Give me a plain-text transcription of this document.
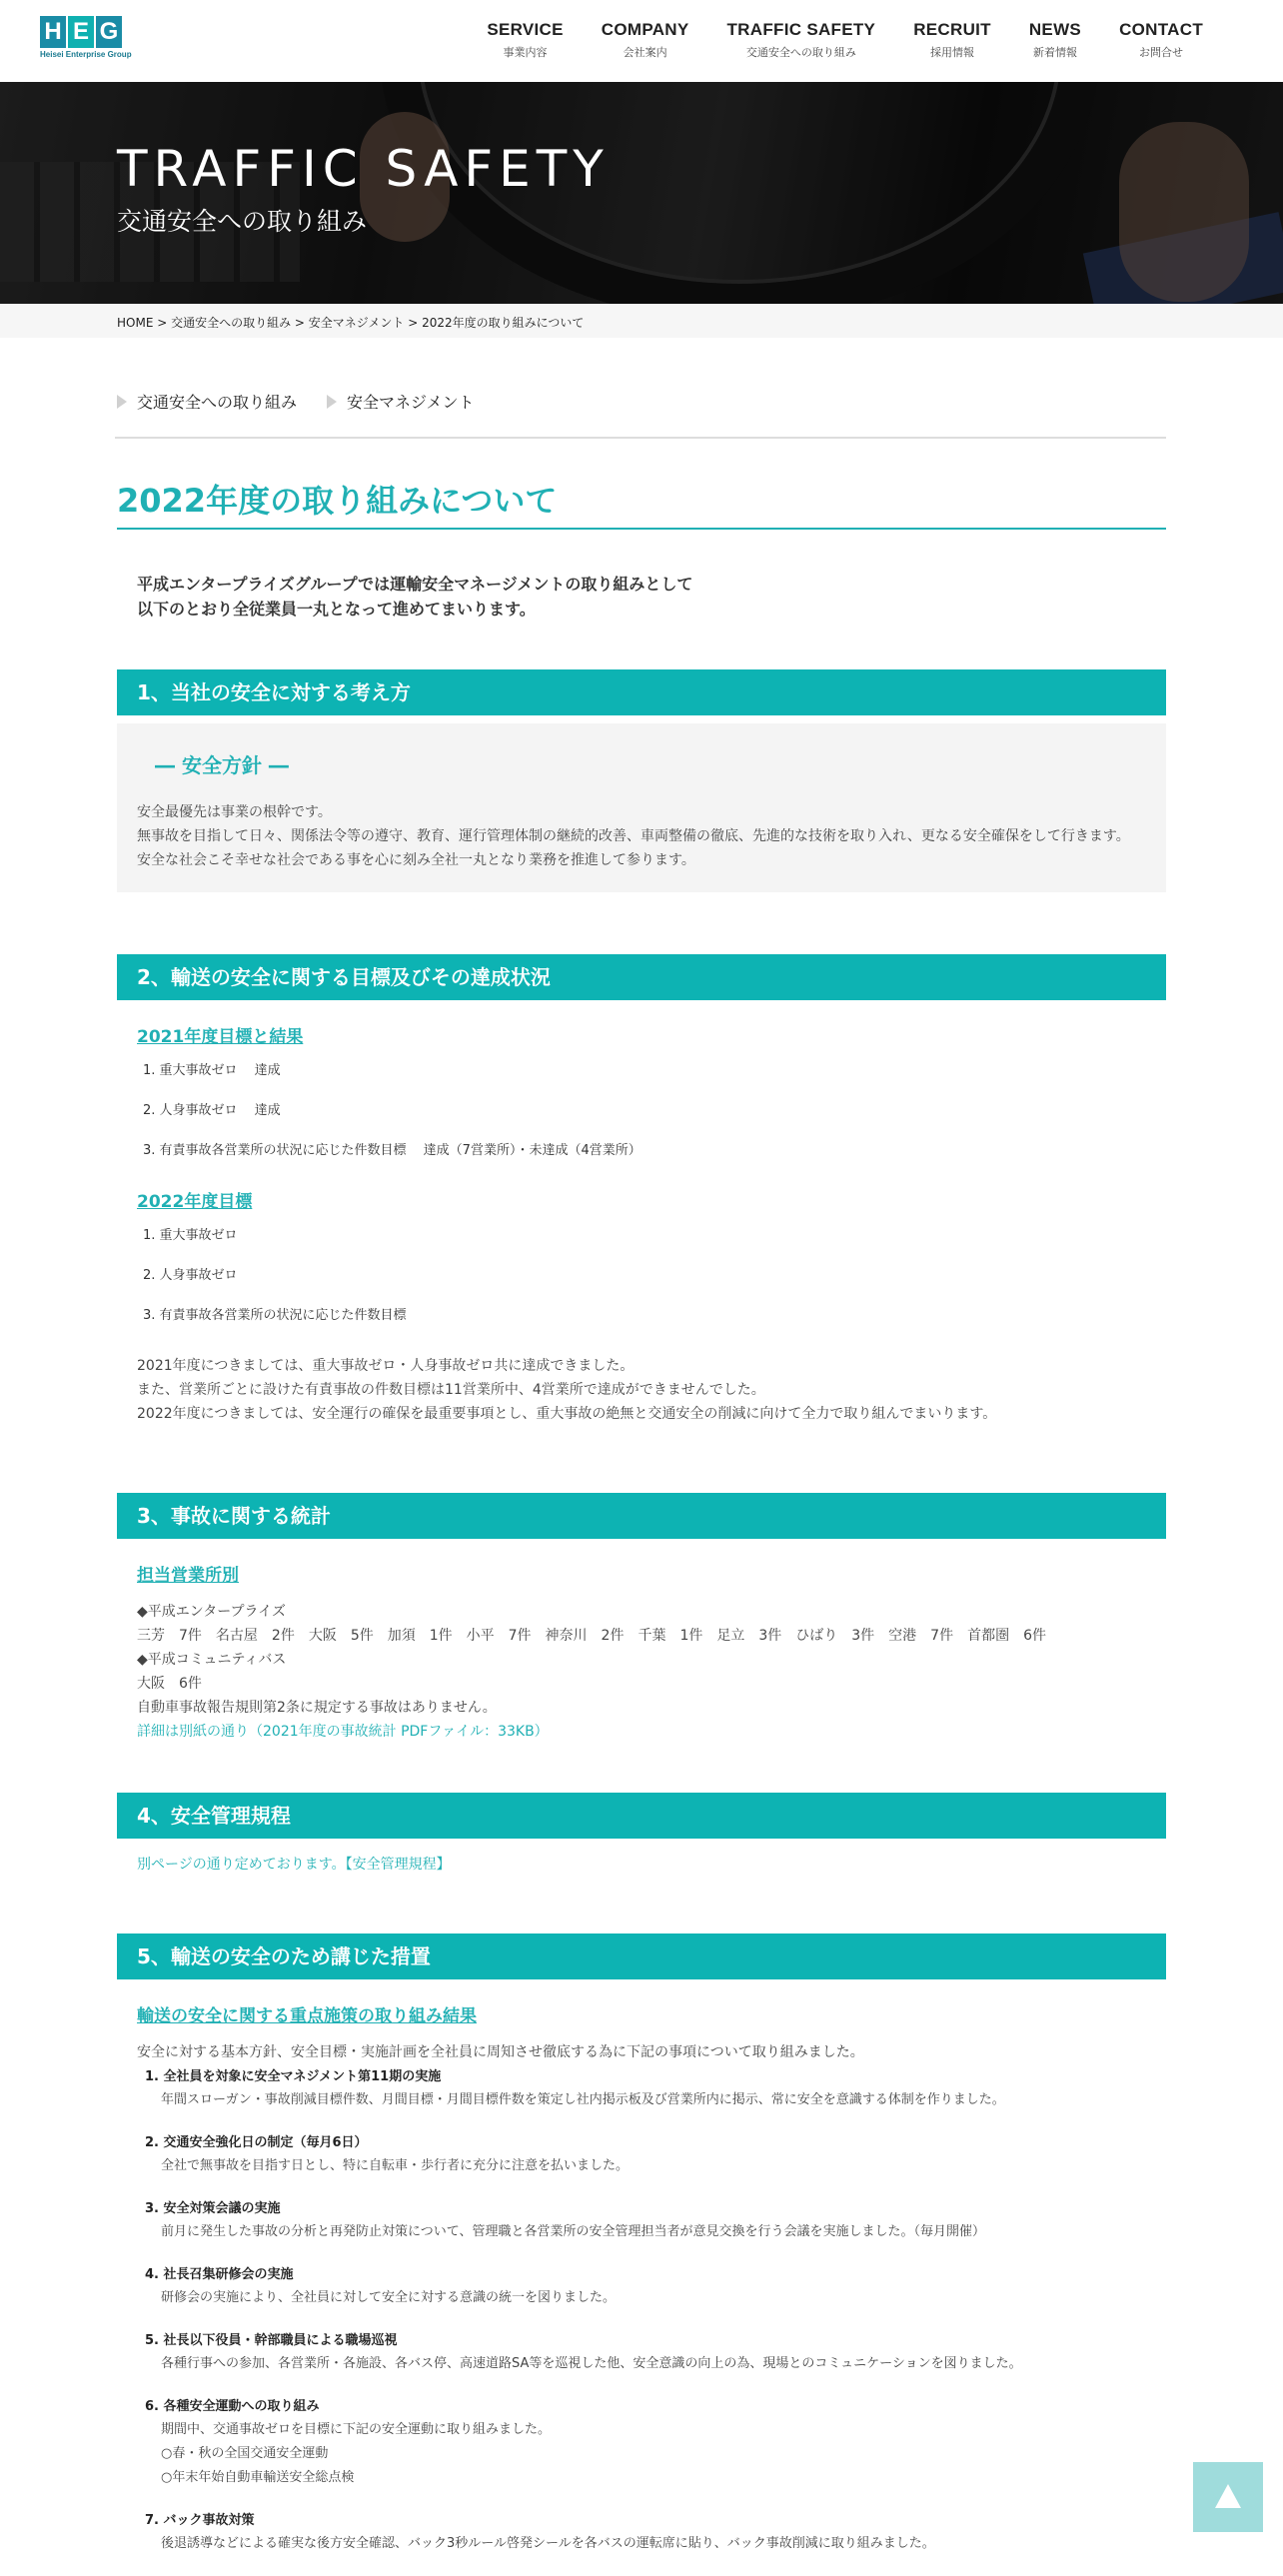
H E G
Heisei Enterprise Group
SERVICE
事業内容
COMPANY
会社案内
TRAFFIC SAFETY
交通安全への取り組み
RECRUIT
採用情報
NEWS
新着情報
CONTACT
お問合せ
TRAFFIC SAFETY
交通安全への取り組み
HOME > 交通安全への取り組み > 安全マネジメント > 2022年度の取り組みについて
交通安全への取り組み	安全マネジメント
2022年度の取り組みについて
平成エンタープライズグループでは運輸安全マネージメントの取り組みとして
以下のとおり全従業員一丸となって進めてまいります。
1、当社の安全に対する考え方
― 安全方針 ―

安全最優先は事業の根幹です。

無事故を目指して日々、関係法令等の遵守、教育、運行管理体制の継続的改善、車両整備の徹底、先進的な技術を取り入れ、更なる安全確保をして行きます。

安全な社会こそ幸せな社会である事を心に刻み全社一丸となり業務を推進して参ります。

2、輸送の安全に関する目標及びその達成状況
2021年度目標と結果
1. 重大事故ゼロ　 達成
2. 人身事故ゼロ　 達成
3. 有責事故各営業所の状況に応じた件数目標　 達成（7営業所）・未達成（4営業所）
2022年度目標
1. 重大事故ゼロ
2. 人身事故ゼロ
3. 有責事故各営業所の状況に応じた件数目標
2021年度につきましては、重大事故ゼロ・人身事故ゼロ共に達成できました。
また、営業所ごとに設けた有責事故の件数目標は11営業所中、4営業所で達成ができませんでした。
2022年度につきましては、安全運行の確保を最重要事項とし、重大事故の絶無と交通安全の削減に向けて全力で取り組んでまいります。
3、事故に関する統計
担当営業所別
◆平成エンタープライズ
三芳　7件　名古屋　2件　大阪　5件　加須　1件　小平　7件　神奈川　2件　千葉　1件　足立　3件　ひばり　3件　空港　7件　首都圏　6件
◆平成コミュニティバス
大阪　6件
自動車事故報告規則第2条に規定する事故はありません。
詳細は別紙の通り（2021年度の事故統計 PDFファイル：33KB）
4、安全管理規程
別ページの通り定めております。【安全管理規程】
5、輸送の安全のため講じた措置
輸送の安全に関する重点施策の取り組み結果
安全に対する基本方針、安全目標・実施計画を全社員に周知させ徹底する為に下記の事項について取り組みました。
1. 全社員を対象に安全マネジメント第11期の実施
年間スローガン・事故削減目標件数、月間目標・月間目標件数を策定し社内掲示板及び営業所内に掲示、常に安全を意識する体制を作りました。
2. 交通安全強化日の制定（毎月6日）
全社で無事故を目指す日とし、特に自転車・歩行者に充分に注意を払いました。
3. 安全対策会議の実施
前月に発生した事故の分析と再発防止対策について、管理職と各営業所の安全管理担当者が意見交換を行う会議を実施しました。（毎月開催）
4. 社長召集研修会の実施
研修会の実施により、全社員に対して安全に対する意識の統一を図りました。
5. 社長以下役員・幹部職員による職場巡視
各種行事への参加、各営業所・各施設、各バス停、高速道路SA等を巡視した他、安全意識の向上の為、現場とのコミュニケーションを図りました。
6. 各種安全運動への取り組み
期間中、交通事故ゼロを目標に下記の安全運動に取り組みました。
○春・秋の全国交通安全運動
○年末年始自動車輸送安全総点検
7. バック事故対策
後退誘導などによる確実な後方安全確認、バック3秒ルール啓発シールを各バスの運転席に貼り、バック事故削減に取り組みました。
